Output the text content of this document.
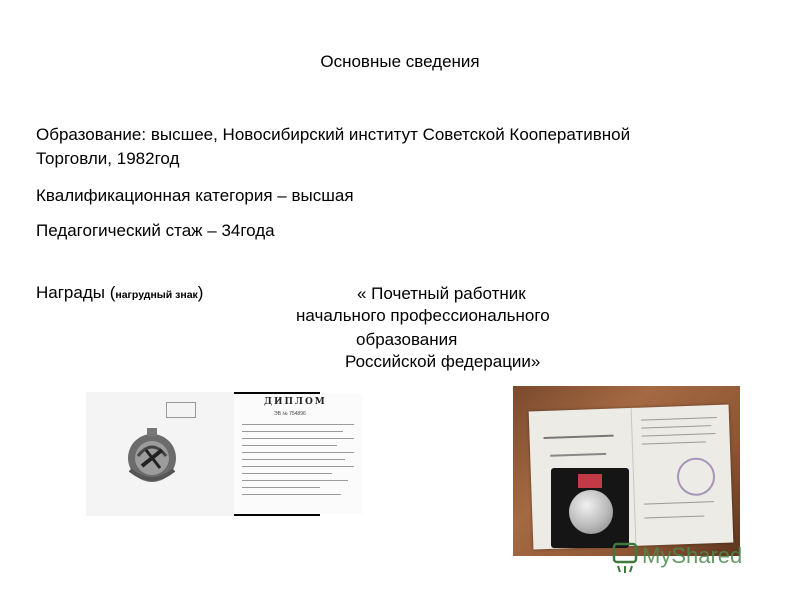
Основные сведения
Образование: высшее, Новосибирский институт Советской Кооперативной
Торговли, 1982год
Квалификационная категория – высшая
Педагогический стаж – 34года
Награды (нагрудный знак)	« Почетный работник
начального профессионального
образования
Российской федерации»
ДИПЛОМ
ЭВ № 754896
MyShared
